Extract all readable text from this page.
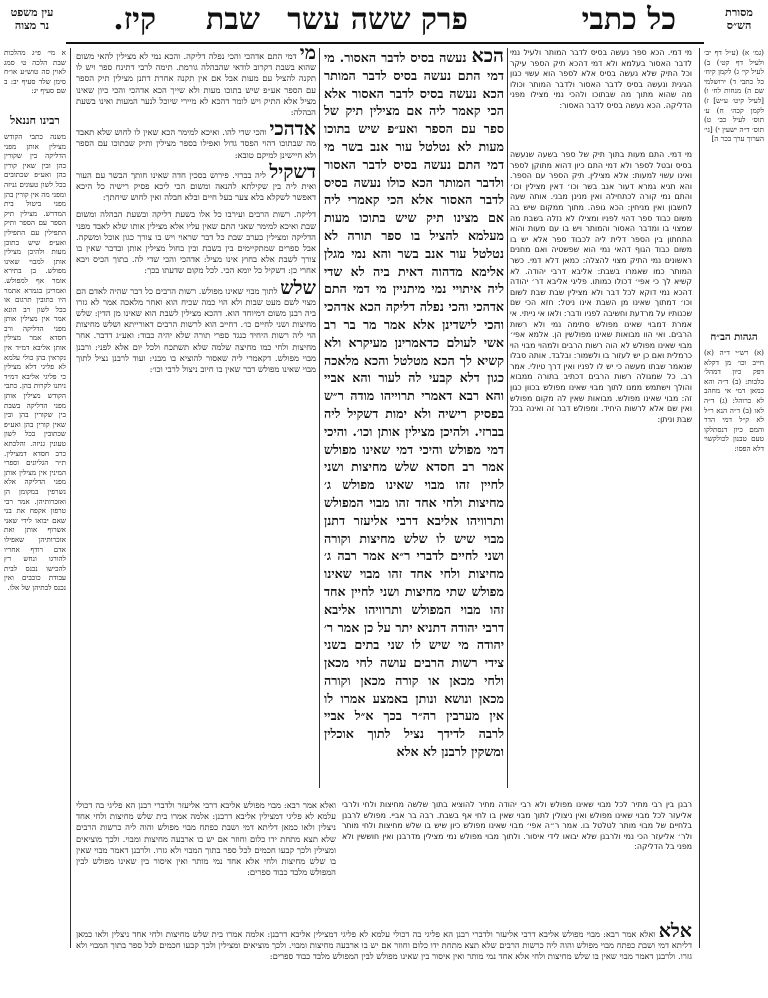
מסורת
הש״ס
כל כתבי
פרק ששה עשר
שבת
קיז.
עין משפט
נר מצוה
(גמ׳ א) (ע״ל דף יב׳ ולעיל דף קט׳) ב) לעיל קי׳ ג) לקמן קיח׳ כל כתבי ד) ירושלמי שם ה) מנחות לח׳ ו) [לעיל קיט׳ ע״ש] ז) לקמן קכה׳ ח) ע׳ תוס׳ לעיל כב׳ ט) תוס׳ ד״ה ישעין י) [גי׳ הערוך ערך בכר ה]
הגהות הב״ח
(א) רש״י ד״ה (א) חייב וכו׳ מן דקלא דפק כיון דמהל׳ כלבות: (ב) ד״ה והא כמאן דמי אי מחהב לא כרוהל: (ג) ד״ה לאו (ב) ד״ה הנא ר״ל לא ק״ל דמי הדר והמם כיון דנסתלקו טעם טבנון לכולקשוי דלא הפסו:
א מי׳ פ״ג מהלכות שבת הלכה ט׳ סמג לאוין סה טוש״ע או״ח סימן שלד סעיף יב: ב שם סעיף יג:
רבינו חננאל
משנה כתבי הקודש מצילין אותן מפני הדליקה בין שקורין בהן ובין שאין קורין בהן ואע״פ שכתובים בכל לשון טעונים גניזה ומפני מה אין קורין בהן מפני ביטול בית המדרש. מצילין תיק הספר עם הספר ותיק התפילין עם התפילין ואע״פ שיש בתוכן מעות ולהיכן מצילין אותן למבוי שאינו מפולש. בן בתירא אומר אף למפולש. ואמרינן בגמרא אתמר היו כתובין תרגום או בכל לשון רב הונא אמר אין מצילין אותן מפני הדליקה ורב חסדא אמר מצילין אותן אליבא דמ״ד אין נקראין בהן כולי עלמא לא פליגי דלא מצילין כי פליגי אליבא דמ״ד ניתנו לקרות בהן. כתבי הקודש מצילין אותן מפני הדליקה בשבת בין שקורין בהן ובין שאין קורין בהן ואע״פ שכתובין בכל לשון טעונין גניזה. והלכתא כרב חסדא דמצילין. ת״ר הגליונים וספרי המינין אין מצילין אותן מפני הדליקה אלא נשרפין במקומן הן ואזכרותיהן. אמר רבי טרפון אקפח את בני שאם יבואו לידי שאני אשרוף אותן ואת אזכרותיהן שאפילו אדם רודף אחריו להורגו ונחש רץ להכישו נכנס לבית עבודת כוכבים ואין נכנס לבתיהן של אלו.
מי דמי. הכא ספר נעשה בסיס לדבר המותר ולעיל נמי לדבר האסור בעלמא ולא דמי דהכא תיק הספר עיקר וכל התיק שלא נעשה בסיס אלא לספר הוא עשוי כגון הגיגית ונעשה בסיס לדבר האסור ולדבר המותר וכולו מה שהוא מתוך מה שבתוכו ולהכי נמי מצילו מפני הדליקה. הכא נעשה בסיס לדבר האסור:
מי דמי. התם מעות בתוך תיק של ספר בשעה שנעשה בסיס ובטל לספר ולא דמי התם כיון דהוא מתוקן לספר ואינו עשוי למעות: אלא מצילין. תיק הספר עם הספר. והא תניא גמרא דעור אנב בשר וכו׳ דאין מצילין וכו׳ והתם נמי קורה לכתחילה ואין מנינן מבני. אותה שעה לחשבון ואין מניחין: הכא גופה. מתוך ממקום שיש בה משום כבוד ספר דהוי לפניו ומצילו לא נזלה בשבת מה שמצוי בו ומדבר האסור והמותר ויש בו עם מעות והוא התחתון בין הספר דלית ליה לכבוד ספר אלא יש בו משום כבוד הגוף דהאי נמי הוא שפשטיה ואם מחנים ראשונים נמי התיק מצוי להצלה: כמאן דלא דמי. כשר המותר כמו שאמרו בשבת: אליבא דרבי יהודה. לא קשיא לך כי אפי׳ דכולו כמותו. פליגי אליבא דר׳ יהודה דהכא נמי דוקא לכל דבר ולא מצילין שבת שבת לשום וכו׳ דמתוך שאינו מן השבת אינו ניטל: חזא הכי שם שכנותיו על מרדעת וחשיבה לפניו ודבר: ולאו אי נייתי. אי אמרת דמבוי שאינו מפולש סתימה נמי ולא רשות הרבים. ואי הוו מבואות שאינו מפולשין הן. אלמא אפי׳ מבוי שאינו מפולש לא הוה רשות הרבים ולמהוי מבוי הוי כרמלית ואם כן יש לעזור בו ולשמור: ובלבד. אותה סבלו שנאמר שבתו מעשה כי יש לו לפניו ואין דרך טיולי. אמר רב. כל שמגולה רשות הרבים דכתיב בתורה ממבוא והולך וישתמש ממנו לתוך מבוי שאינו מפולש בכוון כגון זה: מבוי שאינו מפולש. מבואות שאין לה מקום מפולש ואין שם אלא לרשות היחיד. ומפולש דבר זה ואינה בכל שבת וניתן:
הכא נעשה בסיס לדבר האסור. מי דמי התם נעשה בסיס לדבר המותר הכא נעשה בסיס לדבר האסור אלא הכי קאמר ליה אם מצילין תיק של ספר עם הספר ואע״פ שיש בתוכו מעות לא נטלטל עור אנב בשר מי דמי התם נעשה בסיס לדבר האסור ולדבר המותר הכא כולו נעשה בסיס לדבר האסור אלא הכי קאמרי ליה אם מצינו תיק שיש בתוכו מעות מעלמא להציל בו ספר תורה לא נטלטל עור אנב בשר והא נמי מגלן אלימא מדהוה דאית ביה לא שדי ליה איתויי נמי מיתניין מי דמי התם אדהכי והכי נפלה דליקה הכא אדהכי והכי לישדינן אלא אמר מר בר רב אשי לעולם כדאמרינן מעיקרא ולא קשיא לך הכא מטלטל והכא מלאכה כגון דלא קבעי לה לעור והא אביי והא רבא דאמרי תרוייהו מודה ר״ש בפסיק רישיה ולא ימות דשקיל ליה בברזי. ולהיכן מצילין אותן וכו׳. והיכי דמי מפולש והיכי דמי שאינו מפולש אמר רב חסדא שלש מחיצות ושני לחיין זהו מבוי שאינו מפולש ג׳ מחיצות ולחי אחד זהו מבוי המפולש ותרוויהו אליבא דרבי אליעזר דתנן מבוי שיש לו שלש מחיצות וקורה ושני לחיים לדברי ר״א אמר רבה ג׳ מחיצות ולחי אחד זהו מבוי שאינו מפולש שתי מחיצות ושני לחיין אחד זהו מבוי המפולש ותרוויהו אליבא דרבי יהודה דתניא יתר על כן אמר ר׳ יהודה מי שיש לו שני בתים בשני צידי רשות הרבים עושה לחי מכאן ולחי מכאן או קורה מכאן וקורה מכאן ונושא ונותן באמצע אמרו לו אין מערבין רה״ר בכך א״ל אביי לרבה לדידך נציל לתוך אוכלין ומשקין לרבנן לא אלא
מי דמי התם אדהכי והכי נפלה דליקה. והכא נמי לא מצילין להאי משום שהוא בשבת דקרוב לודאי שהבהלה גורמת. תימה לרבי דתינח ספר ויש לו תקנה להציל עם מעות אבל אם אין תקנה אחרת דתנן מצילין תיק הספר עם הספר אע״פ שיש בתוכו מעות ולא שייך הכא אדהכי והכי כיון שאינו מציל אלא התיק ויש לומר דהכא לא מיירי שיוכל לנער המעות ואינו בשעת הבהלה:
אדהכי והכי שדי להו. ואיכא למימר הכא שאין לו לחוש שלא תאבד מה שבתוכו דהוי הפסד גדול ואפילו בספר מצילין ותיק שבתוכו עם הספר ולא חיישינן למיקם טובא:
דשקיל ליה בברזי. פירוש בסכין חדה שאינו חותך הבשר עם העור ואית ליה בין שקילתא להנאה ומשום הכי ליכא פסיק רישיה כל היכא דאפשר לשקלא בלא צער בעל חיים ובלא חבלה ואין לחוש שיחתך:
דליקה. רשות הרבים ועירבו כל אלו בשעת דליקה ובשעת הבהלה ומשום שבת ואיכא למימר שאני התם שאין עליו אלא מצילין אותו שלא לאבד מפני הדליקה ומצילין בערב שבת כל דבר שראוי ויש בו צורך כגון אוכל ומשקה. אבל ספרים שמתקיימים בין בשבת ובין בחול מצילין אותן ובדבר שאין בו צורך לשבת אלא בחוץ אינו מציל: אדהכי והכי שדי לה. בתוך הכיס ויבא אחרי כן: דשקיל כל יומא הכי. לכל מקום שדעתו בכך:
שלש לתוך מבוי שאינו מפולש. רשות הרבים כל דבר שהיה לאדם הם מצוי לשם מעט שבות ולא הוי כמה שכיח הוא ואחר מלאכה אמר לא גזרו ביה רבנן משום דמיוחד הוא. דהכא מצילין לשבת הוא שאינו מן הדין: שלש מחיצות ושני לחיים כו׳. דחייב הוא לרשות הרבים דאורייתא ושלש מחיצות הוי ליה רשות היחיד כנגד ספרי תורה שלא יהיה כבוד: ואע״ג דדבר. אחר מחיצות ולחי כמו מחיצה שלמה שלא תשתכח ולכל יום אלא לפני: ורבנן מבוי מפולש. דקאמרי ליה שאסור להוציא בו מבני: ועוד לרבנן נציל לתוך מבוי שאינו מפולש דבר שאין בו חיוב ניצול לרבי וכו׳:
רבנן בין רבי מתיר לכל מבוי שאינו מפולש ולא רבי יהודה מתיר להוציא בתוך שלשה מחיצות ולחי ולרבי אליעזר לכל מבוי שאינו מפולש ואין ניצולין לתוך מבוי שאין בו לחי אף בשבת. רבה בר אביי. מפולש לרבנן בלחיים של מבוי מותר לטלטל בו. אמר ר״ה אפי׳ מבוי שאינו מפולש כיון שיש בו שלש מחיצות ולחי מותר ולר׳ אליעזר הכי נמי ולרבנן שלא יבואו לידי איסור. ולתוך מבוי מפולש נמי מצילין מדרבנן ואין חוששין ולא מפני בל הדליקה:
ואלא אמר רבא: מבוי מפולש אליבא דרבי אליעזר ולדברי רבנן הא פליגי בה דכולי עלמא לא פליגי דמצילין אליבא דרבנן: אלמה אמרו בית שלש מחיצות ולחי אחד ניצלין ולאו כמאן דליתא דמי ושבת כפתח מבוי מפולש והוה ליה כרשות הרבים שלא תצא מתחת ידו כלום וחוזר אם יש בו ארבעה מחיצות ומבוי. ולכך מוציאים ומצילין ולכך קבעו חכמים לכל ספר בתוך המבוי ולא גזרו. ולרבנן דאמר מבוי שאין בו שלש מחיצות ולחי אלא אחד נמי מותר ואין איסור בין שאינו מפולש לבין המפולש מלבד כבוד ספרים:
אלא ואלא אמר רבא: מבוי מפולש אליבא דרבי אליעזר ולדברי רבנן הא פליגי בה דכולי עלמא לא פליגי דמצילין אליבא דרבנן: אלמה אמרו בית שלש מחיצות ולחי אחד ניצלין ולאו כמאן דליתא דמי ושבת כפתח מבוי מפולש והוה ליה כרשות הרבים שלא תצא מתחת ידו כלום וחוזר אם יש בו ארבעה מחיצות ומבוי. ולכך מוציאים ומצילין ולכך קבעו חכמים לכל ספר בתוך המבוי ולא גזרו. ולרבנן דאמר מבוי שאין בו שלש מחיצות ולחי אלא אחד נמי מותר ואין איסור בין שאינו מפולש לבין המפולש מלבד כבוד ספרים:
